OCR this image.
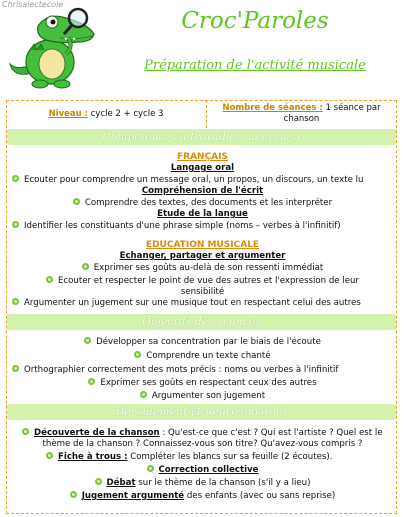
Chrisalectecole
Croc'Paroles
Préparation de l'activité musicale
Niveau : cycle 2 + cycle 3
Nombre de séances : 1 séance par
chanson
Compétences à travailler au cycle 3
FRANÇAIS
Langage oral
Ecouter pour comprendre un message oral, un propos, un discours, un texte lu
Compréhension de l'écrit
Comprendre des textes, des documents et les interpréter
Etude de la langue
Identifier les constituants d'une phrase simple (noms – verbes à l'infinitif)
EDUCATION MUSICALE
Echanger, partager et argumenter
Exprimer ses goûts au-delà de son ressenti immédiat
Ecouter et respecter le point de vue des autres et l'expression de leur
sensibilité
Argumenter un jugement sur une musique tout en respectant celui des autres
Objectifs des séances
Développer sa concentration par le biais de l'écoute
Comprendre un texte chanté
Orthographier correctement des mots précis : noms ou verbes à l'infinitif
Exprimer ses goûts en respectant ceux des autres
Argumenter son jugement
Déroulement (1 heure environ)
Découverte de la chanson : Qu'est-ce que c'est ? Qui est l'artiste ? Quel est le
thème de la chanson ? Connaissez-vous son titre? Qu'avez-vous compris ?
Fiche à trous : Compléter les blancs sur sa feuille (2 écoutes).
Correction collective
Débat sur le thème de la chanson (s'il y a lieu)
Jugement argumenté des enfants (avec ou sans reprise)
